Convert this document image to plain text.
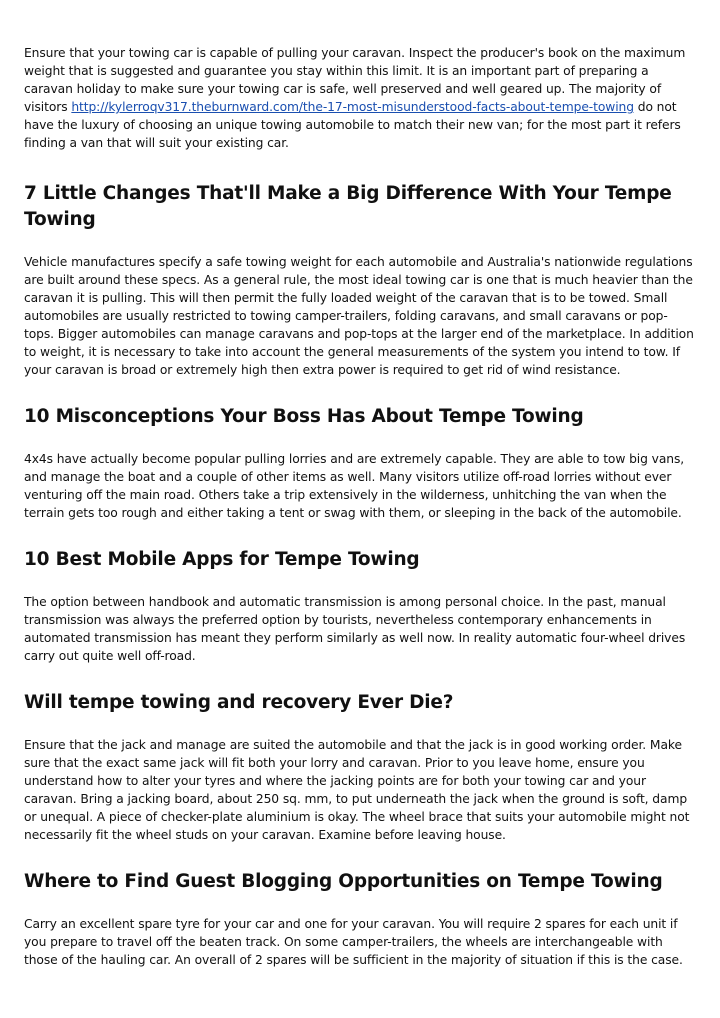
Ensure that your towing car is capable of pulling your caravan. Inspect the producer's book on the maximum weight that is suggested and guarantee you stay within this limit. It is an important part of preparing a caravan holiday to make sure your towing car is safe, well preserved and well geared up. The majority of visitors http://kylerroqv317.theburnward.com/the-17-most-misunderstood-facts-about-tempe-towing do not have the luxury of choosing an unique towing automobile to match their new van; for the most part it refers finding a van that will suit your existing car.

7 Little Changes That'll Make a Big Difference With Your Tempe Towing

Vehicle manufactures specify a safe towing weight for each automobile and Australia's nationwide regulations are built around these specs. As a general rule, the most ideal towing car is one that is much heavier than the caravan it is pulling. This will then permit the fully loaded weight of the caravan that is to be towed. Small automobiles are usually restricted to towing camper-trailers, folding caravans, and small caravans or pop-tops. Bigger automobiles can manage caravans and pop-tops at the larger end of the marketplace. In addition to weight, it is necessary to take into account the general measurements of the system you intend to tow. If your caravan is broad or extremely high then extra power is required to get rid of wind resistance.

10 Misconceptions Your Boss Has About Tempe Towing

4x4s have actually become popular pulling lorries and are extremely capable. They are able to tow big vans, and manage the boat and a couple of other items as well. Many visitors utilize off-road lorries without ever venturing off the main road. Others take a trip extensively in the wilderness, unhitching the van when the terrain gets too rough and either taking a tent or swag with them, or sleeping in the back of the automobile.

10 Best Mobile Apps for Tempe Towing

The option between handbook and automatic transmission is among personal choice. In the past, manual transmission was always the preferred option by tourists, nevertheless contemporary enhancements in automated transmission has meant they perform similarly as well now. In reality automatic four-wheel drives carry out quite well off-road.

Will tempe towing and recovery Ever Die?

Ensure that the jack and manage are suited the automobile and that the jack is in good working order. Make sure that the exact same jack will fit both your lorry and caravan. Prior to you leave home, ensure you understand how to alter your tyres and where the jacking points are for both your towing car and your caravan. Bring a jacking board, about 250 sq. mm, to put underneath the jack when the ground is soft, damp or unequal. A piece of checker-plate aluminium is okay. The wheel brace that suits your automobile might not necessarily fit the wheel studs on your caravan. Examine before leaving house.

Where to Find Guest Blogging Opportunities on Tempe Towing

Carry an excellent spare tyre for your car and one for your caravan. You will require 2 spares for each unit if you prepare to travel off the beaten track. On some camper-trailers, the wheels are interchangeable with those of the hauling car. An overall of 2 spares will be sufficient in the majority of situation if this is the case.
